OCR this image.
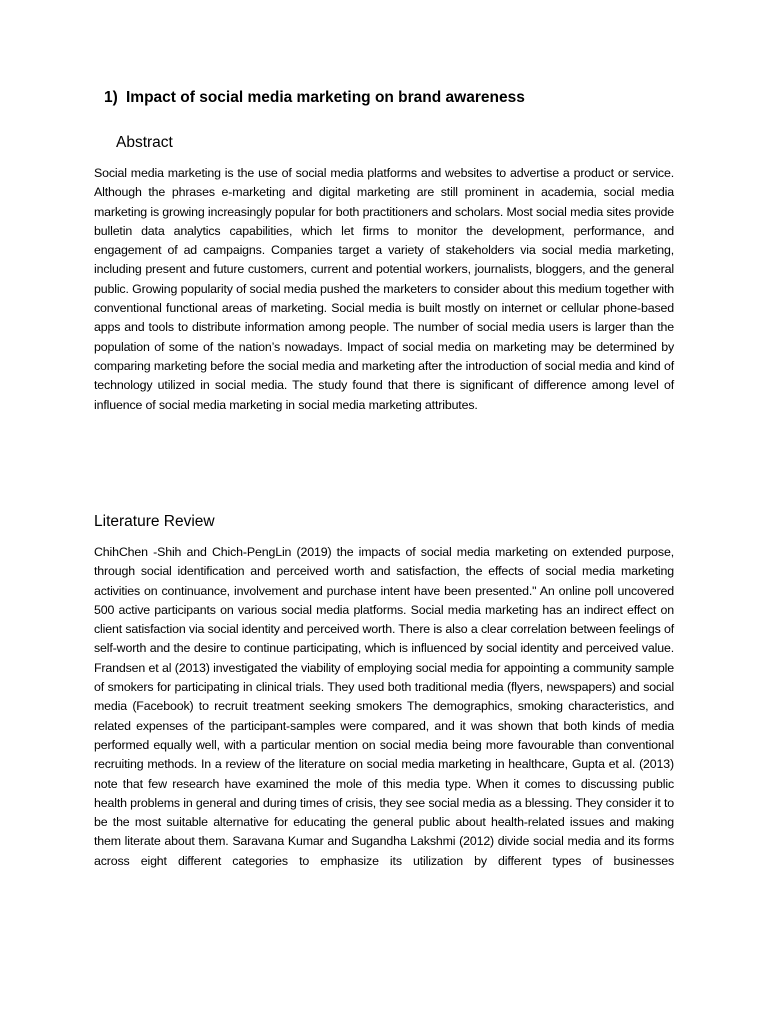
1) Impact of social media marketing on brand awareness
Abstract

Social media marketing is the use of social media platforms and websites to advertise a product or service. Although the phrases e-marketing and digital marketing are still prominent in academia, social media marketing is growing increasingly popular for both practitioners and scholars. Most social media sites provide bulletin data analytics capabilities, which let firms to monitor the development, performance, and engagement of ad campaigns. Companies target a variety of stakeholders via social media marketing, including present and future customers, current and potential workers, journalists, bloggers, and the general public. Growing popularity of social media pushed the marketers to consider about this medium together with conventional functional areas of marketing. Social media is built mostly on internet or cellular phone-based apps and tools to distribute information among people. The number of social media users is larger than the population of some of the nation’s nowadays. Impact of social media on marketing may be determined by comparing marketing before the social media and marketing after the introduction of social media and kind of technology utilized in social media. The study found that there is significant of difference among level of influence of social media marketing in social media marketing attributes.

Literature Review

ChihChen -Shih and Chich-PengLin (2019) the impacts of social media marketing on extended purpose, through social identification and perceived worth and satisfaction, the effects of social media marketing activities on continuance, involvement and purchase intent have been presented." An online poll uncovered 500 active participants on various social media platforms. Social media marketing has an indirect effect on client satisfaction via social identity and perceived worth. There is also a clear correlation between feelings of self-worth and the desire to continue participating, which is influenced by social identity and perceived value. Frandsen et al (2013) investigated the viability of employing social media for appointing a community sample of smokers for participating in clinical trials. They used both traditional media (flyers, newspapers) and social media (Facebook) to recruit treatment seeking smokers The demographics, smoking characteristics, and related expenses of the participant-samples were compared, and it was shown that both kinds of media performed equally well, with a particular mention on social media being more favourable than conventional recruiting methods. In a review of the literature on social media marketing in healthcare, Gupta et al. (2013) note that few research have examined the mole of this media type. When it comes to discussing public health problems in general and during times of crisis, they see social media as a blessing. They consider it to be the most suitable alternative for educating the general public about health-related issues and making them literate about them. Saravana Kumar and Sugandha Lakshmi (2012) divide social media and its forms across eight different categories to emphasize its utilization by different types of businesses
